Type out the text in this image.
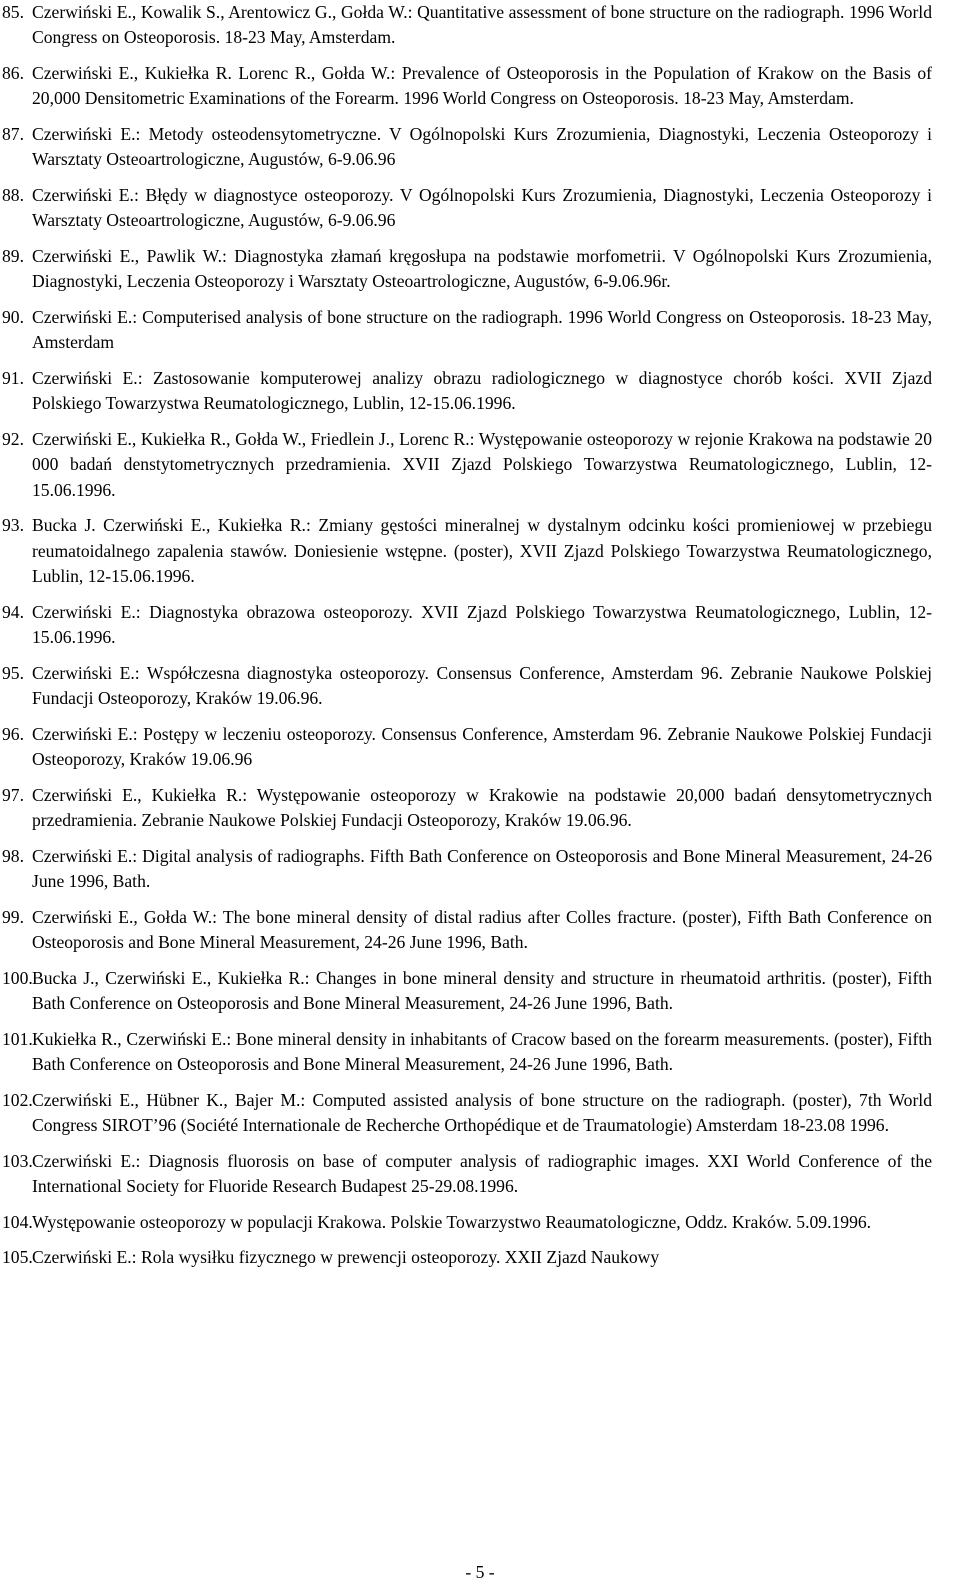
85. Czerwiński E., Kowalik S., Arentowicz G., Gołda W.: Quantitative assessment of bone structure on the radiograph. 1996 World Congress on Osteoporosis. 18-23 May, Amsterdam.
86. Czerwiński E., Kukiełka R. Lorenc R., Gołda W.: Prevalence of Osteoporosis in the Population of Krakow on the Basis of 20,000 Densitometric Examinations of the Forearm. 1996 World Congress on Osteoporosis. 18-23 May, Amsterdam.
87. Czerwiński E.: Metody osteodensytometryczne. V Ogólnopolski Kurs Zrozumienia, Diagnostyki, Leczenia Osteoporozy i Warsztaty Osteoartrologiczne, Augustów, 6-9.06.96
88. Czerwiński E.: Błędy w diagnostyce osteoporozy. V Ogólnopolski Kurs Zrozumienia, Diagnostyki, Leczenia Osteoporozy i Warsztaty Osteoartrologiczne, Augustów, 6-9.06.96
89. Czerwiński E., Pawlik W.: Diagnostyka złamań kręgosłupa na podstawie morfometrii. V Ogólnopolski Kurs Zrozumienia, Diagnostyki, Leczenia Osteoporozy i Warsztaty Osteoartrologiczne, Augustów, 6-9.06.96r.
90. Czerwiński E.: Computerised analysis of bone structure on the radiograph. 1996 World Congress on Osteoporosis. 18-23 May, Amsterdam
91. Czerwiński E.: Zastosowanie komputerowej analizy obrazu radiologicznego w diagnostyce chorób kości. XVII Zjazd Polskiego Towarzystwa Reumatologicznego, Lublin, 12-15.06.1996.
92. Czerwiński E., Kukiełka R., Gołda W., Friedlein J., Lorenc R.: Występowanie osteoporozy w rejonie Krakowa na podstawie 20 000 badań denstytometrycznych przedramienia. XVII Zjazd Polskiego Towarzystwa Reumatologicznego, Lublin, 12-15.06.1996.
93. Bucka J. Czerwiński E., Kukiełka R.: Zmiany gęstości mineralnej w dystalnym odcinku kości promieniowej w przebiegu reumatoidalnego zapalenia stawów. Doniesienie wstępne. (poster), XVII Zjazd Polskiego Towarzystwa Reumatologicznego, Lublin, 12-15.06.1996.
94. Czerwiński E.: Diagnostyka obrazowa osteoporozy. XVII Zjazd Polskiego Towarzystwa Reumatologicznego, Lublin, 12-15.06.1996.
95. Czerwiński E.: Współczesna diagnostyka osteoporozy. Consensus Conference, Amsterdam 96. Zebranie Naukowe Polskiej Fundacji Osteoporozy, Kraków 19.06.96.
96. Czerwiński E.: Postępy w leczeniu osteoporozy. Consensus Conference, Amsterdam 96. Zebranie Naukowe Polskiej Fundacji Osteoporozy, Kraków 19.06.96
97. Czerwiński E., Kukiełka R.: Występowanie osteoporozy w Krakowie na podstawie 20,000 badań densytometrycznych przedramienia. Zebranie Naukowe Polskiej Fundacji Osteoporozy, Kraków 19.06.96.
98. Czerwiński E.: Digital analysis of radiographs. Fifth Bath Conference on Osteoporosis and Bone Mineral Measurement, 24-26 June 1996, Bath.
99. Czerwiński E., Gołda W.: The bone mineral density of distal radius after Colles fracture. (poster), Fifth Bath Conference on Osteoporosis and Bone Mineral Measurement, 24-26 June 1996, Bath.
100. Bucka J., Czerwiński E., Kukiełka R.: Changes in bone mineral density and structure in rheumatoid arthritis. (poster), Fifth Bath Conference on Osteoporosis and Bone Mineral Measurement, 24-26 June 1996, Bath.
101. Kukiełka R., Czerwiński E.: Bone mineral density in inhabitants of Cracow based on the forearm measurements. (poster), Fifth Bath Conference on Osteoporosis and Bone Mineral Measurement, 24-26 June 1996, Bath.
102. Czerwiński E., Hübner K., Bajer M.: Computed assisted analysis of bone structure on the radiograph. (poster), 7th World Congress SIROT’96 (Société Internationale de Recherche Orthopédique et de Traumatologie) Amsterdam 18-23.08 1996.
103. Czerwiński E.: Diagnosis fluorosis on base of computer analysis of radiographic images. XXI World Conference of the International Society for Fluoride Research Budapest 25-29.08.1996.
104. Występowanie osteoporozy w populacji Krakowa. Polskie Towarzystwo Reaumatologiczne, Oddz. Kraków. 5.09.1996.
105. Czerwiński E.: Rola wysiłku fizycznego w prewencji osteoporozy. XXII Zjazd Naukowy
- 5 -
